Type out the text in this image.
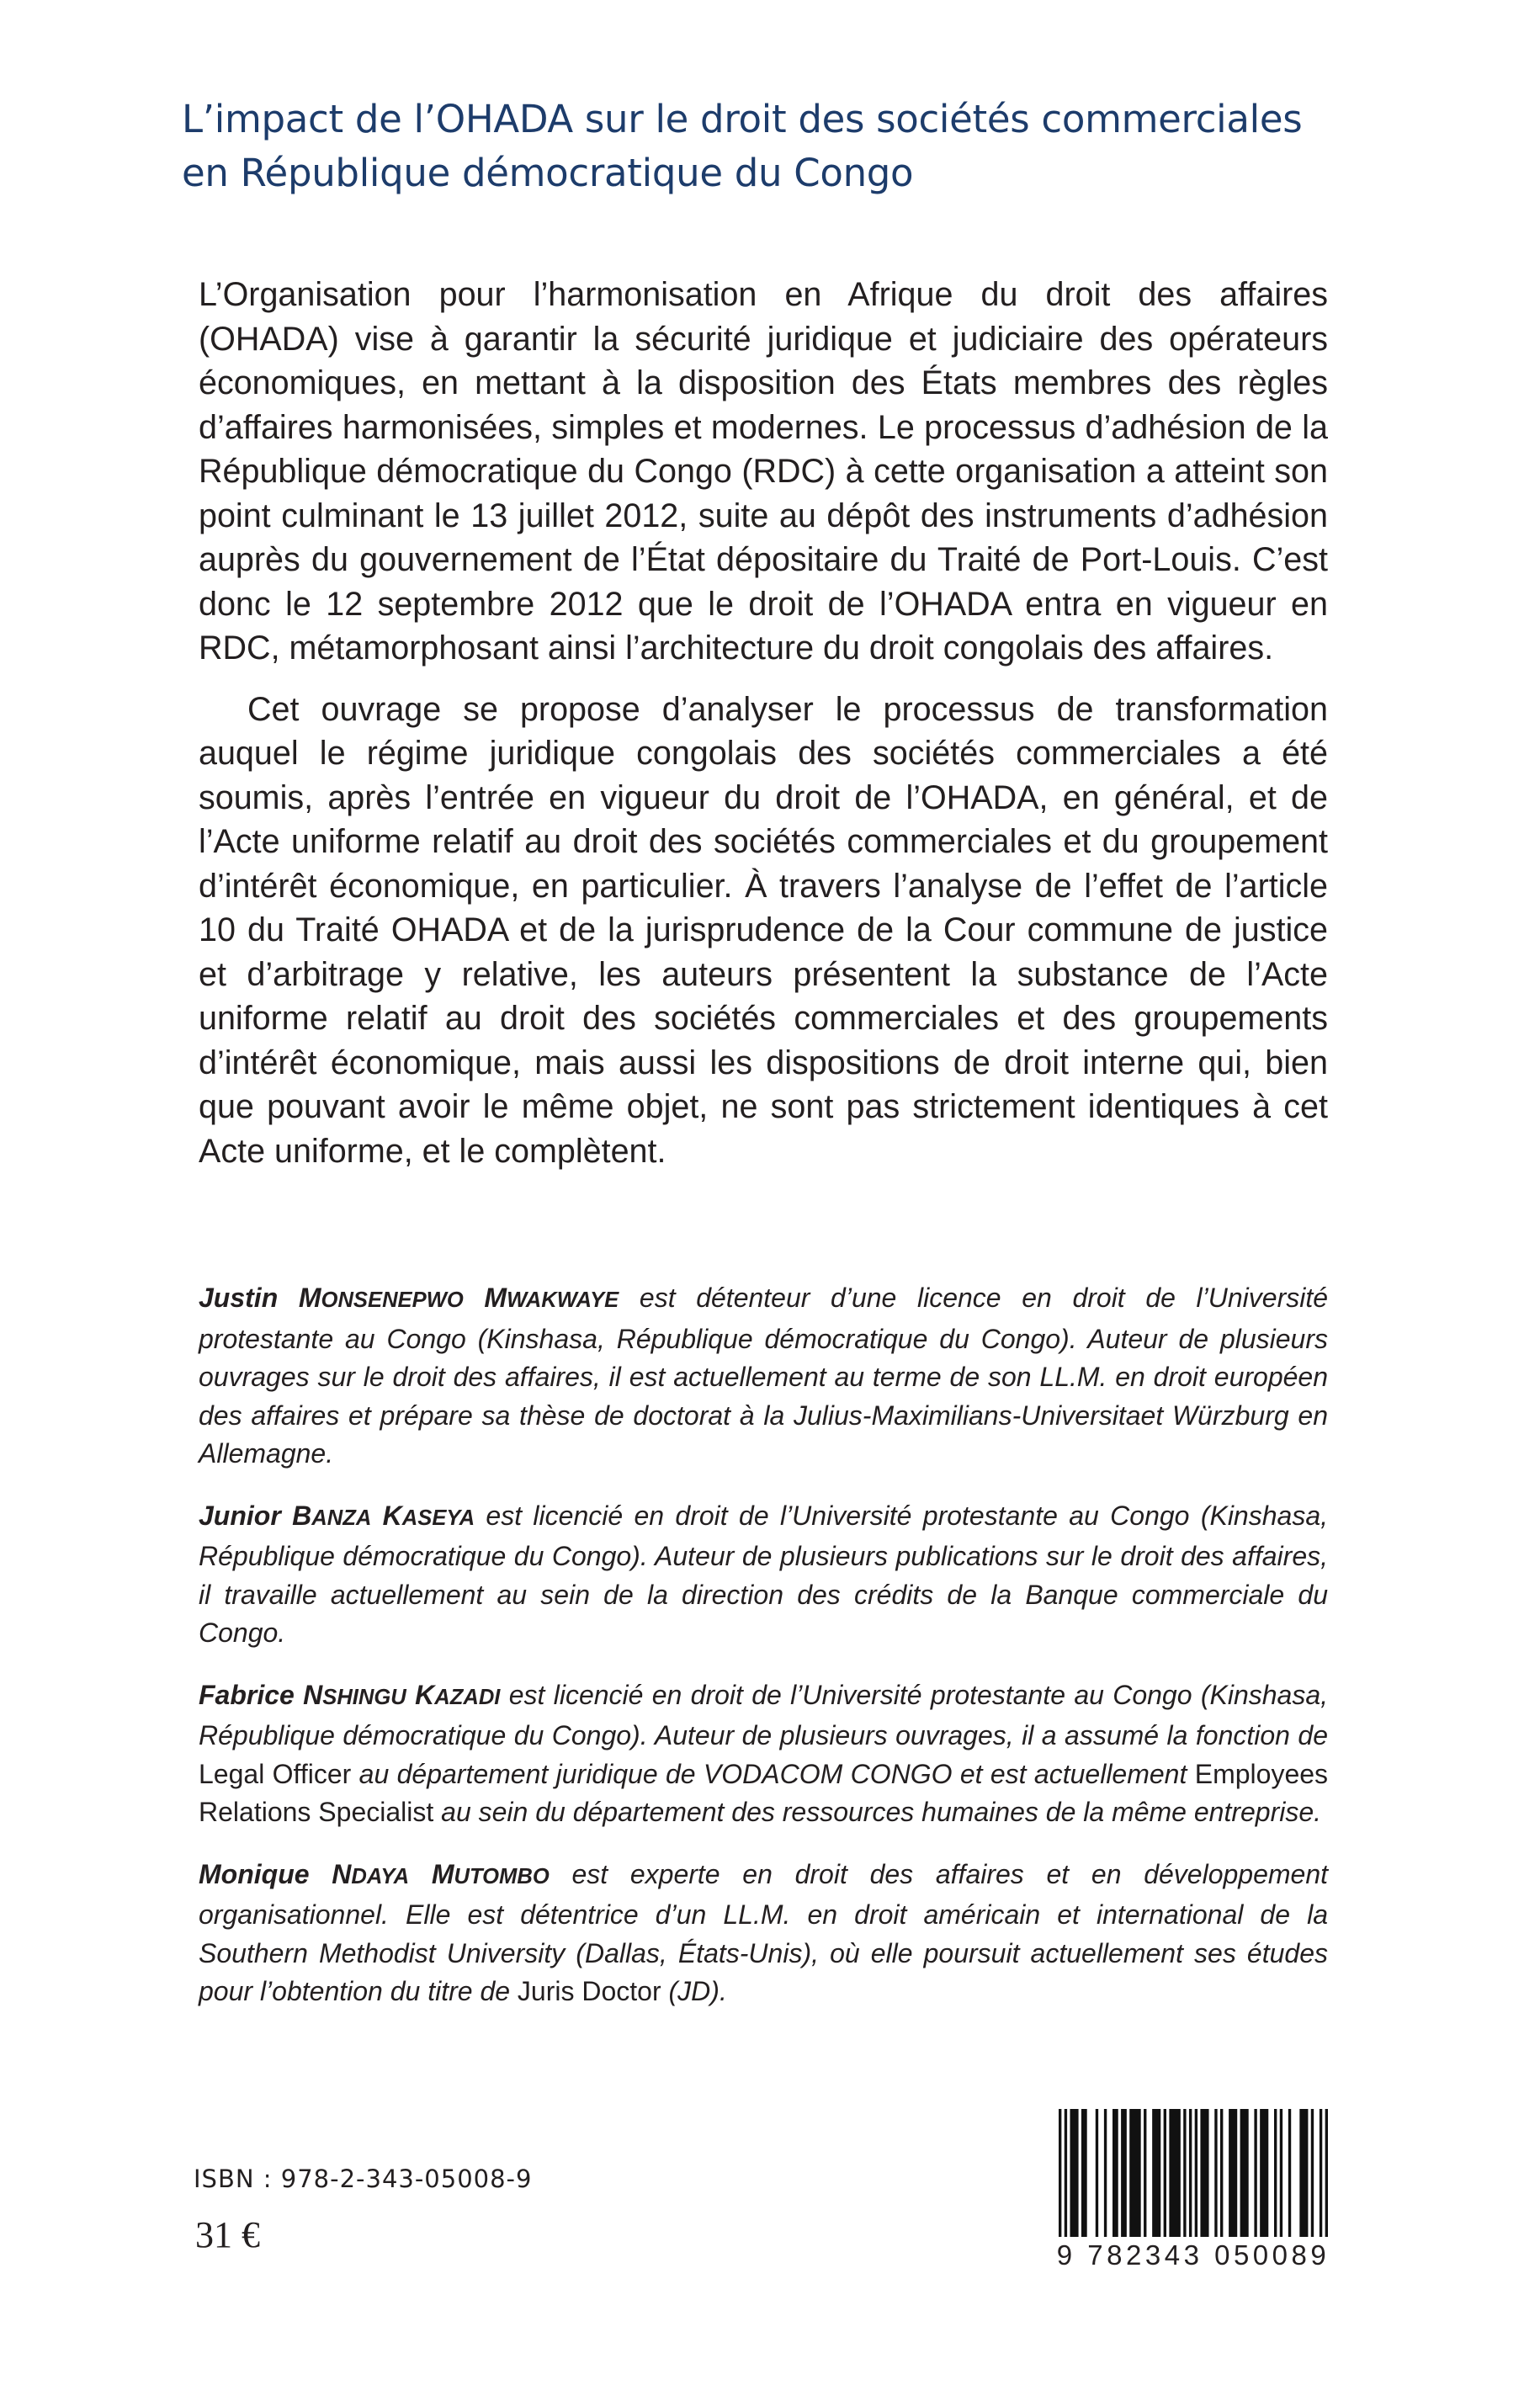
L’impact de l’OHADA sur le droit des sociétés commerciales
en République démocratique du Congo

L’Organisation pour l’harmonisation en Afrique du droit des affaires (OHADA) vise à garantir la sécurité juridique et judiciaire des opérateurs économiques, en mettant à la disposition des États membres des règles d’affaires harmonisées, simples et modernes. Le processus d’adhésion de la République démocratique du Congo (RDC) à cette organisation a atteint son point culminant le 13 juillet 2012, suite au dépôt des instruments d’adhésion auprès du gouvernement de l’État dépositaire du Traité de Port-Louis. C’est donc le 12 septembre 2012 que le droit de l’OHADA entra en vigueur en RDC, métamorphosant ainsi l’architecture du droit congolais des affaires.

Cet ouvrage se propose d’analyser le processus de transformation auquel le régime juridique congolais des sociétés commerciales a été soumis, après l’entrée en vigueur du droit de l’OHADA, en général, et de l’Acte uniforme relatif au droit des sociétés commerciales et du groupement d’intérêt économique, en particulier. À travers l’analyse de l’effet de l’article 10 du Traité OHADA et de la jurisprudence de la Cour commune de justice et d’arbitrage y relative, les auteurs présentent la substance de l’Acte uniforme relatif au droit des sociétés commerciales et des groupements d’intérêt économique, mais aussi les dispositions de droit interne qui, bien que pouvant avoir le même objet, ne sont pas strictement identiques à cet Acte uniforme, et le complètent.

Justin MONSENEPWO MWAKWAYE est détenteur d’une licence en droit de l’Université protestante au Congo (Kinshasa, République démocratique du Congo). Auteur de plusieurs ouvrages sur le droit des affaires, il est actuellement au terme de son LL.M. en droit européen des affaires et prépare sa thèse de doctorat à la Julius-Maximilians-Universitaet Würzburg en Allemagne.

Junior BANZA KASEYA est licencié en droit de l’Université protestante au Congo (Kinshasa, République démocratique du Congo). Auteur de plusieurs publications sur le droit des affaires, il travaille actuellement au sein de la direction des crédits de la Banque commerciale du Congo.

Fabrice NSHINGU KAZADI est licencié en droit de l’Université protestante au Congo (Kinshasa, République démocratique du Congo). Auteur de plusieurs ouvrages, il a assumé la fonction de Legal Officer au département juridique de VODACOM CONGO et est actuellement Employees Relations Specialist au sein du département des ressources humaines de la même entreprise.

Monique NDAYA MUTOMBO est experte en droit des affaires et en développement organisationnel. Elle est détentrice d’un LL.M. en droit américain et international de la Southern Methodist University (Dallas, États-Unis), où elle poursuit actuellement ses études pour l’obtention du titre de Juris Doctor (JD).

ISBN : 978-2-343-05008-9

31 €	9 782343 050089
